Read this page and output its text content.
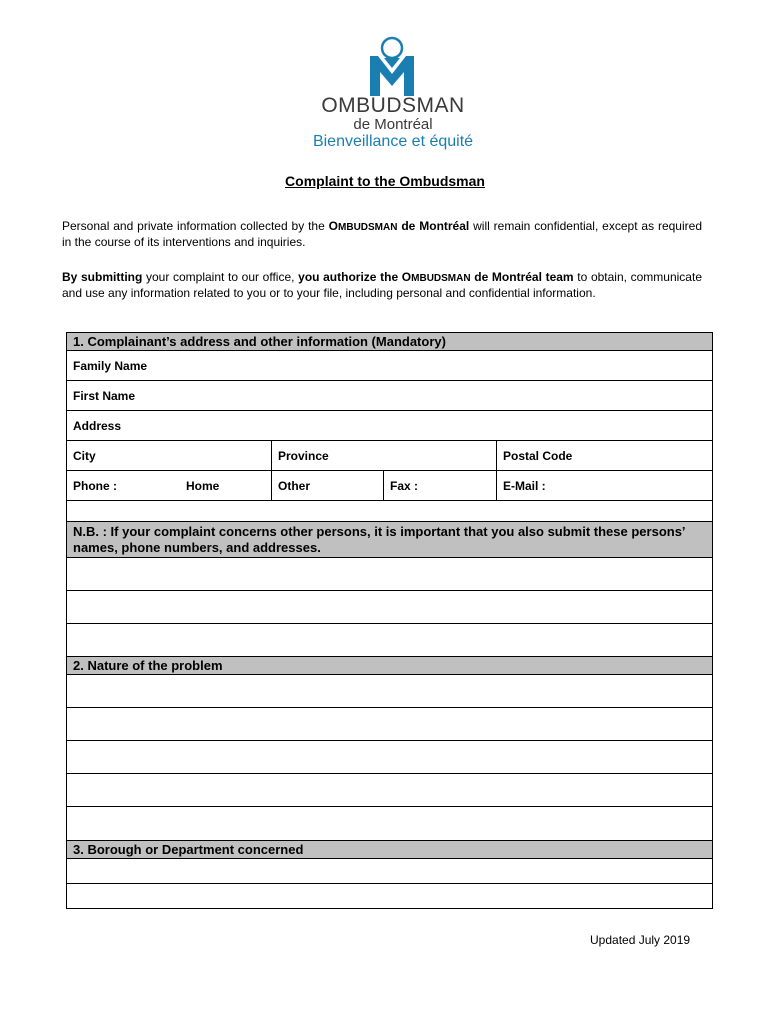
OMBUDSMAN
de Montréal
Bienveillance et équité
Complaint to the Ombudsman
Personal and private information collected by the OMBUDSMAN de Montréal will remain confidential, except as required in the course of its interventions and inquiries.
By submitting your complaint to our office, you authorize the OMBUDSMAN de Montréal team to obtain, communicate and use any information related to you or to your file, including personal and confidential information.
1. Complainant’s address and other information (Mandatory)			
Family Name			
First Name			
Address			
City	Province		Postal Code

Phone : Home	Other	Fax :	E-Mail :

N.B. : If your complaint concerns other persons, it is important that you also submit these persons’ names, phone numbers, and addresses.			

2. Nature of the problem			

3. Borough or Department concerned			

Updated July 2019
